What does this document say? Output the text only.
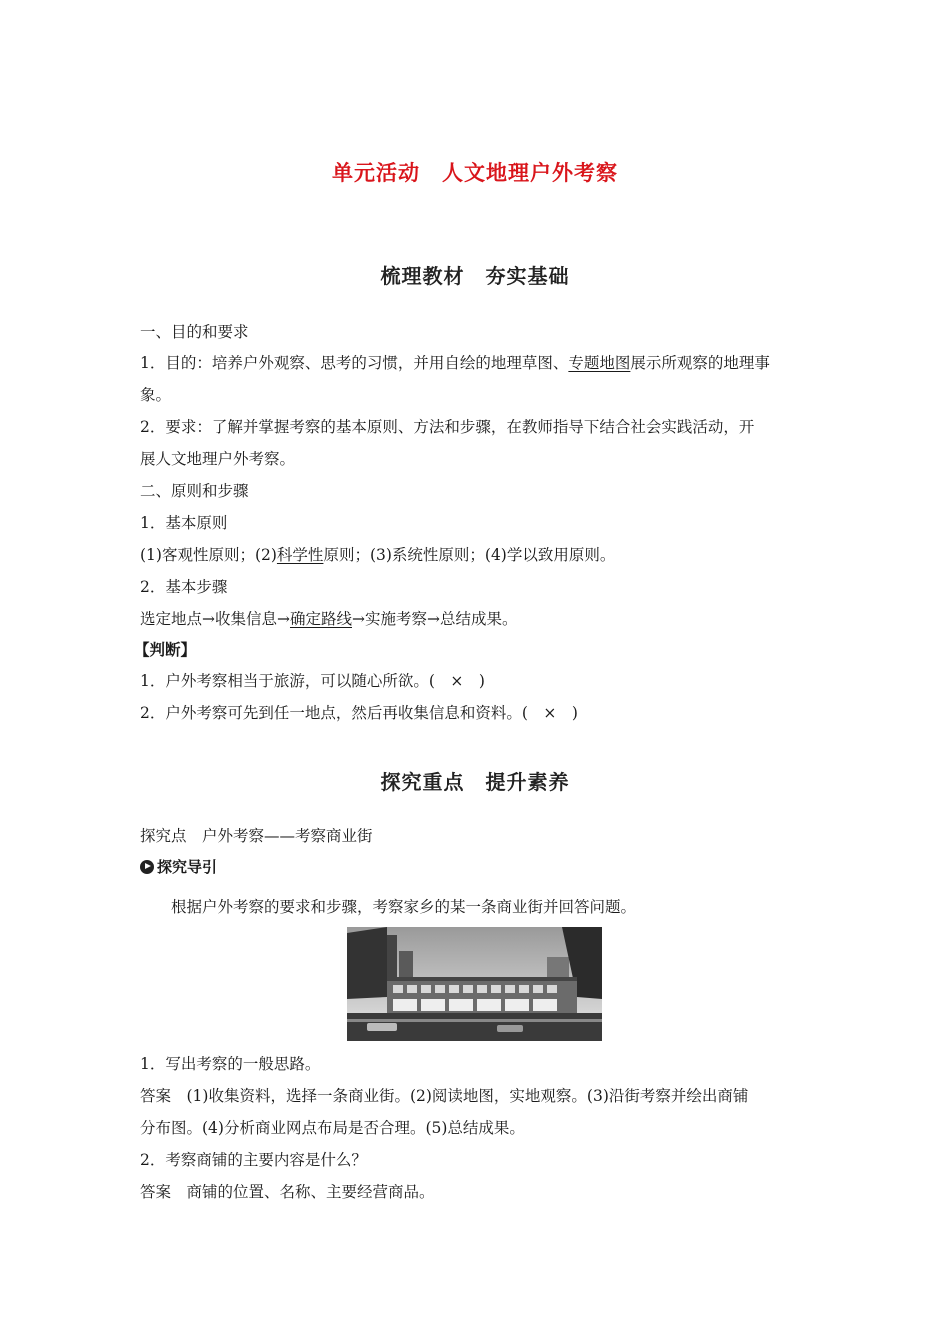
单元活动　人文地理户外考察
梳理教材　夯实基础
一、目的和要求
1．目的：培养户外观察、思考的习惯，并用自绘的地理草图、专题地图展示所观察的地理事
象。
2．要求：了解并掌握考察的基本原则、方法和步骤，在教师指导下结合社会实践活动，开
展人文地理户外考察。
二、原则和步骤
1．基本原则
(1)客观性原则；(2)科学性原则；(3)系统性原则；(4)学以致用原则。
2．基本步骤
选定地点→收集信息→确定路线→实施考察→总结成果。
【判断】
1．户外考察相当于旅游，可以随心所欲。(　×　)
2．户外考察可先到任一地点，然后再收集信息和资料。(　×　)
探究重点　提升素养
探究点　户外考察——考察商业街
探究导引
根据户外考察的要求和步骤，考察家乡的某一条商业街并回答问题。
1．写出考察的一般思路。
答案　(1)收集资料，选择一条商业街。(2)阅读地图，实地观察。(3)沿街考察并绘出商铺
分布图。(4)分析商业网点布局是否合理。(5)总结成果。
2．考察商铺的主要内容是什么？
答案　商铺的位置、名称、主要经营商品。
